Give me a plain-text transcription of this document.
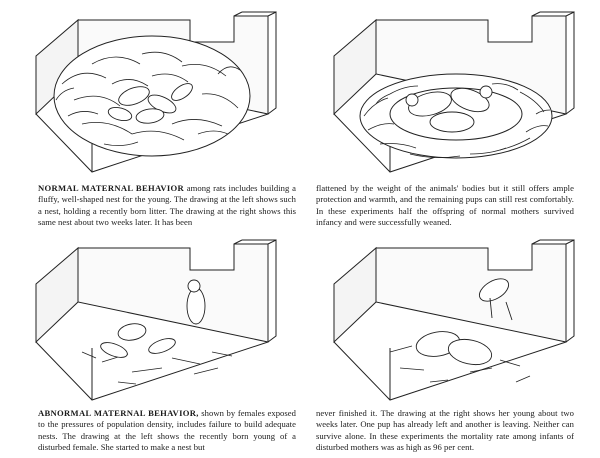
NORMAL MATERNAL BEHAVIOR among rats includes building a fluffy, well-shaped nest for the young. The drawing at the left shows such a nest, holding a recently born litter. The drawing at the right shows this same nest about two weeks later. It has been
flattened by the weight of the animals' bodies but it still offers ample protection and warmth, and the remaining pups can still rest comfortably. In these experiments half the offspring of normal mothers survived infancy and were successfully weaned.
ABNORMAL MATERNAL BEHAVIOR, shown by females exposed to the pressures of population density, includes failure to build adequate nests. The drawing at the left shows the recently born young of a disturbed female. She started to make a nest but
never finished it. The drawing at the right shows her young about two weeks later. One pup has already left and another is leaving. Neither can survive alone. In these experiments the mortality rate among infants of disturbed mothers was as high as 96 per cent.
